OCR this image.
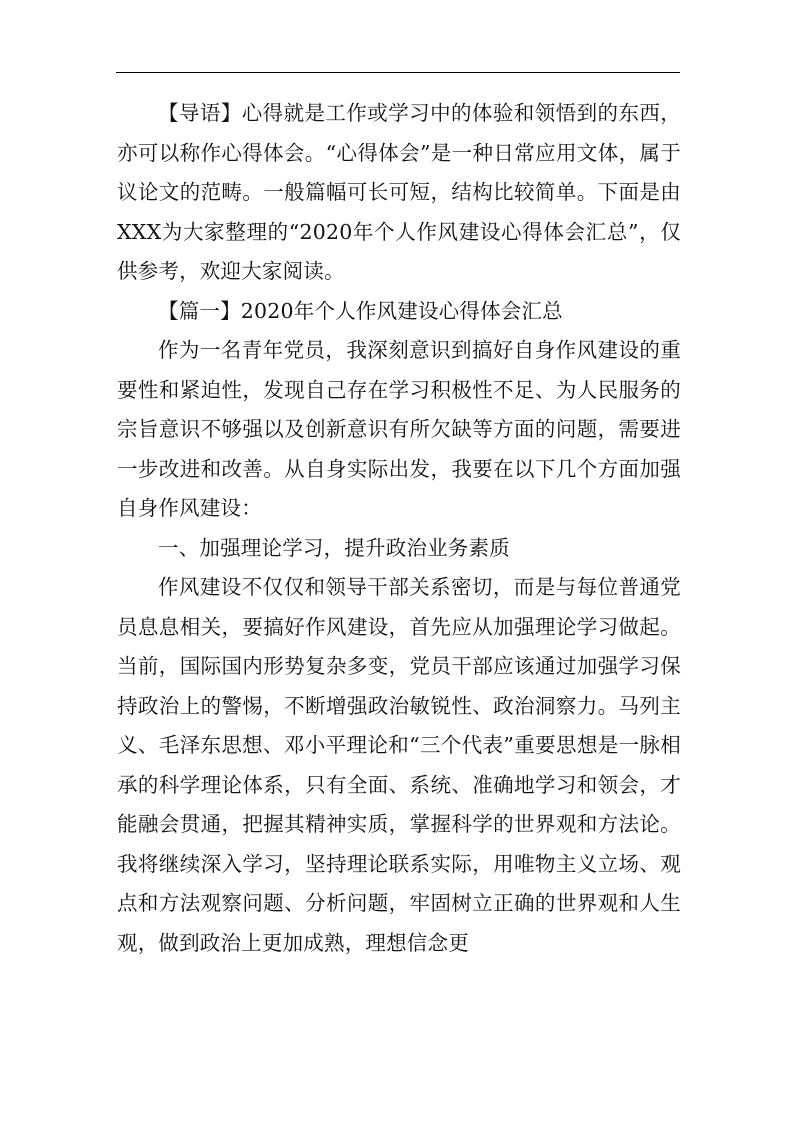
【导语】心得就是工作或学习中的体验和领悟到的东西，亦可以称作心得体会。“心得体会”是一种日常应用文体，属于议论文的范畴。一般篇幅可长可短，结构比较简单。下面是由XXX为大家整理的“2020年个人作风建设心得体会汇总”，仅供参考，欢迎大家阅读。

【篇一】2020年个人作风建设心得体会汇总

作为一名青年党员，我深刻意识到搞好自身作风建设的重要性和紧迫性，发现自己存在学习积极性不足、为人民服务的宗旨意识不够强以及创新意识有所欠缺等方面的问题，需要进一步改进和改善。从自身实际出发，我要在以下几个方面加强自身作风建设：

一、加强理论学习，提升政治业务素质

作风建设不仅仅和领导干部关系密切，而是与每位普通党员息息相关，要搞好作风建设，首先应从加强理论学习做起。当前，国际国内形势复杂多变，党员干部应该通过加强学习保持政治上的警惕，不断增强政治敏锐性、政治洞察力。马列主义、毛泽东思想、邓小平理论和“三个代表”重要思想是一脉相承的科学理论体系，只有全面、系统、准确地学习和领会，才能融会贯通，把握其精神实质，掌握科学的世界观和方法论。我将继续深入学习，坚持理论联系实际，用唯物主义立场、观点和方法观察问题、分析问题，牢固树立正确的世界观和人生观，做到政治上更加成熟，理想信念更
